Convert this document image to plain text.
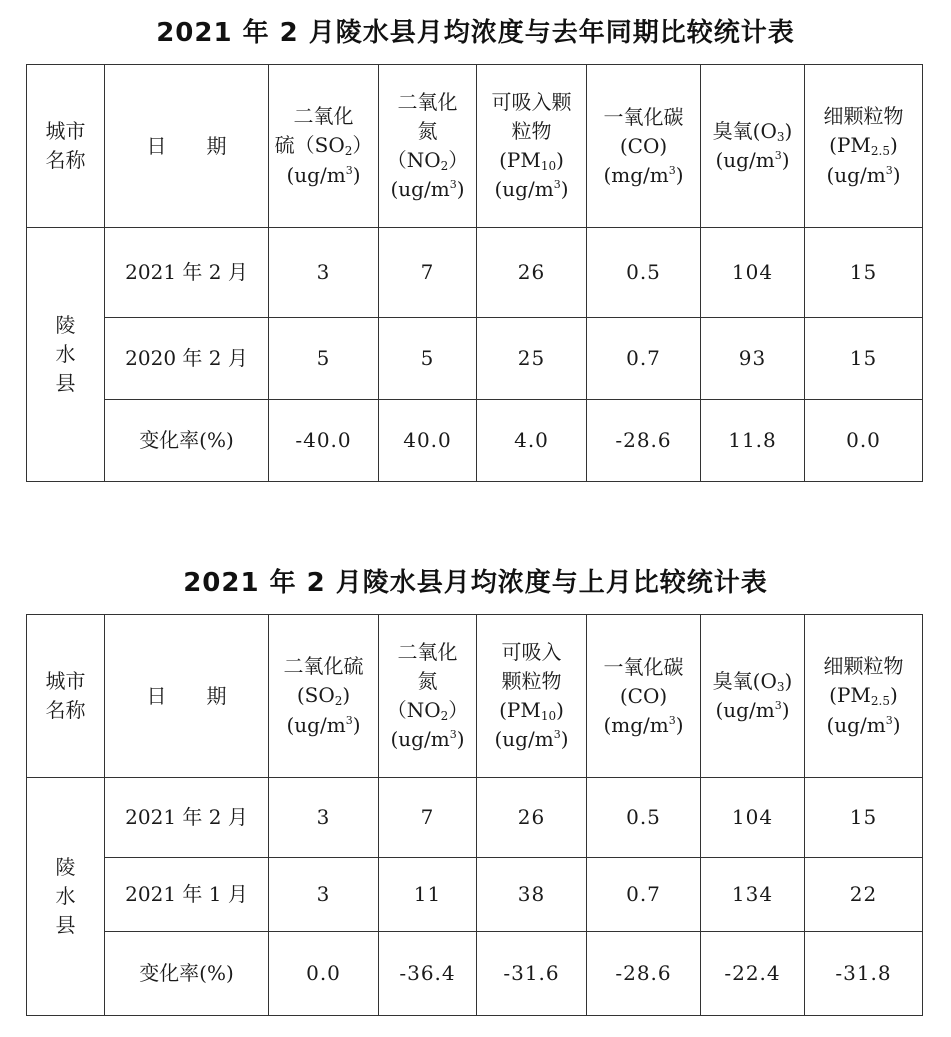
2021 年 2 月陵水县月均浓度与去年同期比较统计表
城市
名称	日　　期	二氧化
硫$(SO_2)$
$(ug/m^3)$	二氧化
氮$(NO_2)$
$(ug/m^3)$	可吸入颗
粒物
$(PM_{10})$
$(ug/m^3)$	一氧化碳
(CO)
$(mg/m^3)$	臭氧$(O_3)$
$(ug/m^3)$	细颗粒物
$(PM_{2.5})$
$(ug/m^3)$

陵
水
县	2021 年 2 月	3	7	26	0.5	104	15
	2020 年 2 月	5	5	25	0.7	93	15
	变化率(%)	-40.0	40.0	4.0	-28.6	11.8	0.0
2021 年 2 月陵水县月均浓度与上月比较统计表
城市
名称	日　　期	二氧化硫
$(SO_2)$
$(ug/m^3)$	二氧化
氮$(NO_2)$
$(ug/m^3)$	可吸入
颗粒物
$(PM_{10})$
$(ug/m^3)$	一氧化碳
(CO)
$(mg/m^3)$	臭氧$(O_3)$
$(ug/m^3)$	细颗粒物
$(PM_{2.5})$
$(ug/m^3)$

陵
水
县	2021 年 2 月	3	7	26	0.5	104	15
	2021 年 1 月	3	11	38	0.7	134	22
	变化率(%)	0.0	-36.4	-31.6	-28.6	-22.4	-31.8
